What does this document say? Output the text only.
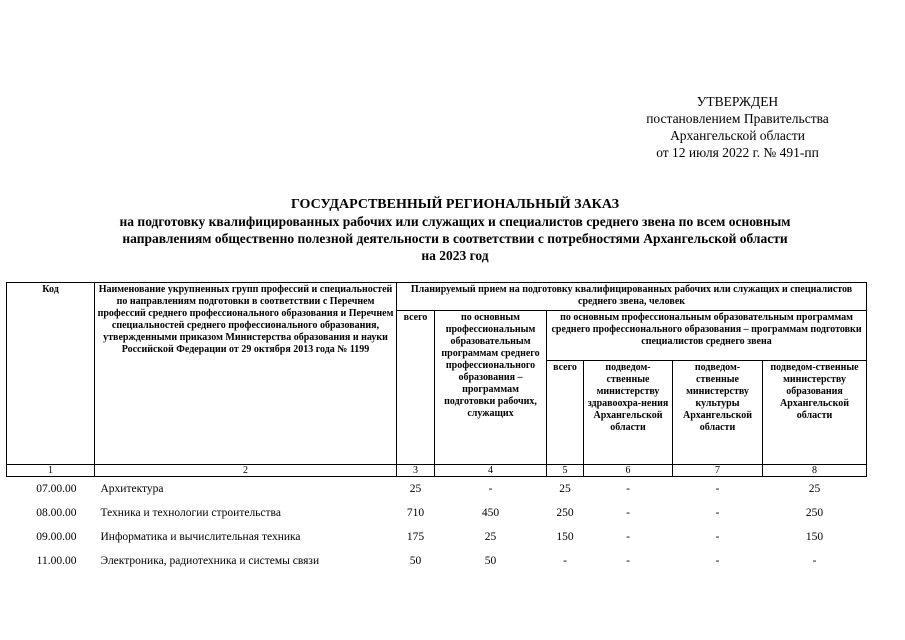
УТВЕРЖДЕН
постановлением Правительства
Архангельской области
от 12 июля 2022 г. № 491-пп
ГОСУДАРСТВЕННЫЙ РЕГИОНАЛЬНЫЙ ЗАКАЗ
на подготовку квалифицированных рабочих или служащих и специалистов среднего звена по всем основным
направлениям общественно полезной деятельности в соответствии с потребностями Архангельской области
на 2023 год
Код	Наименование укрупненных групп профессий и специальностей по направлениям подготовки в соответствии с Перечнем профессий среднего профессионального образования и Перечнем специальностей среднего профессионального образования, утвержденными приказом Министерства образования и науки Российской Федерации от 29 октября 2013 года № 1199	Планируемый прием на подготовку квалифицированных рабочих или служащих и специалистов среднего звена, человек					
		всего	по основным профессиональным образовательным программам среднего профессионального образования – программам подготовки рабочих, служащих	по основным профессиональным образовательным программам среднего профессионального образования – программам подготовки специалистов среднего звена			
				всего	подведом-ственные министерству здравоохра-нения Архангельской области	подведом-ственные министерству культуры Архангельской области	подведом-ственные министерству образования Архангельской области
1	2	3	4	5	6	7	8
07.00.00	Архитектура	25	-	25	-	-	25
08.00.00	Техника и технологии строительства	710	450	250	-	-	250
09.00.00	Информатика и вычислительная техника	175	25	150	-	-	150
11.00.00	Электроника, радиотехника и системы связи	50	50	-	-	-	-
